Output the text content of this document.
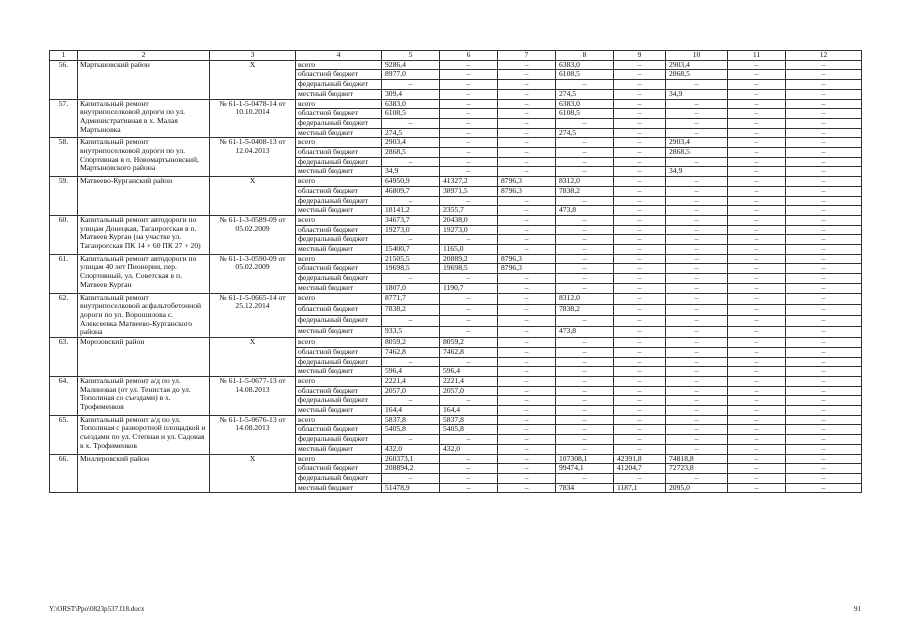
1	2	3	4	5	6	7	8	9	10	11	12
56.	Мартыновский район	X	всего	9286,4	–	–	6383,0	–	2903,4	–	–
			областной бюджет	8977,0	–	–	6108,5	–	2868,5	–	–
			федеральный бюджет	–	–	–	–	–	–	–	–
			местный бюджет	309,4	–	–	274,5	–	34,9	–	–
57.	Капитальный ремонт внутрипоселковой дороги по ул. Административная в х. Малая Мартыновка	№ 61-1-5-0478-14 от 10.10.2014	всего	6383,0	–	–	6383,0	–	–	–	–
			областной бюджет	6108,5	–	–	6108,5	–	–	–	–
			федеральный бюджет	–	–	–	–	–	–	–	–
			местный бюджет	274,5	–	–	274,5	–	–	–	–
58.	Капитальный ремонт внутрипоселковой дороги по ул. Спортивная в п. Новомартыновский, Мартыновского района	№ 61-1-5-0408-13 от 12.04.2013	всего	2903,4	–	–	–	–	2903,4	–	–
			областной бюджет	2868,5	–	–	–	–	2868,5	–	–
			федеральный бюджет	–	–	–	–	–	–	–	–
			местный бюджет	34,9	–	–	–	–	34,9	–	–
59.	Матвеево-Курганский район	X	всего	64950,9	41327,2	8796,3	8312,0	–	–	–	–
			областной бюджет	46809,7	38971,5	8796,3	7838,2	–	–	–	–
			федеральный бюджет	–	–	–	–	–	–	–	–
			местный бюджет	18141,2	2355,7	–	473,8	–	–	–	–
60.	Капитальный ремонт автодороги по улицам Донецкая, Таганрогская в п. Матвеев Курган (на участке ул. Таганрогская ПК 14 + 60 ПК 27 + 20)	№ 61-1-3-0589-09 от 05.02.2009	всего	34673,7	20438,0	–	–	–	–	–	–
			областной бюджет	19273,0	19273,0	–	–	–	–	–	–
			федеральный бюджет	–	–	–	–	–	–	–	–
			местный бюджет	15400,7	1165,0	–	–	–	–	–	–
61.	Капитальный ремонт автодороги по улицам 40 лет Пионерии, пер. Спортивный, ул. Советская в п. Матвеев Курган	№ 61-1-3-0590-09 от 05.02.2009	всего	21505,5	20889,2	8796,3	–	–	–	–	–
			областной бюджет	19698,5	19698,5	8796,3	–	–	–	–	–
			федеральный бюджет	–	–	–	–	–	–	–	–
			местный бюджет	1807,0	1190,7	–	–	–	–	–	–
62.	Капитальный ремонт внутрипоселковой асфальтобетонной дороги по ул. Ворошилова с. Алексеевка Матвеево-Курганского района	№ 61-1-5-0665-14 от 25.12.2014	всего	8771,7	–	–	8312,0	–	–	–	–
			областной бюджет	7838,2	–	–	7838,2	–	–	–	–
			федеральный бюджет	–	–	–	–	–	–	–	–
			местный бюджет	933,5	–	–	473,8	–	–	–	–
63.	Морозовский район	X	всего	8059,2	8059,2	–	–	–	–	–	–
			областной бюджет	7462,8	7462,8	–	–	–	–	–	–
			федеральный бюджет	–	–	–	–	–	–	–	–
			местный бюджет	596,4	596,4	–	–	–	–	–	–
64.	Капитальный ремонт а/д по ул. Малиновая (от ул. Тенистая до ул. Тополиная со съездами) в х. Трофименков	№ 61-1-5-0677-13 от 14.08.2013	всего	2221,4	2221,4	–	–	–	–	–	–
			областной бюджет	2057,0	2057,0	–	–	–	–	–	–
			федеральный бюджет	–	–	–	–	–	–	–	–
			местный бюджет	164,4	164,4	–	–	–	–	–	–
65.	Капитальный ремонт а/д по ул. Тополиная с разворотной площадкой и съездами по ул. Степная и ул. Садовая в х. Трофименков	№ 61-1-5-0676-13 от 14.08.2013	всего	5837,8	5837,8	–	–	–	–	–	–
			областной бюджет	5405,8	5405,8	–	–	–	–	–	–
			федеральный бюджет	–	–	–	–	–	–	–	–
			местный бюджет	432,0	432,0	–	–	–	–	–	–
66.	Миллеровский район	X	всего	260373,1	–	–	107308,1	42391,8	74818,8	–	–
			областной бюджет	208894,2	–	–	99474,1	41204,7	72723,8	–	–
			федеральный бюджет	–	–	–	–	–	–	–	–
			местный бюджет	51478,9	–	–	7834	1187,1	2095,0	–	–
Y:\ORST\Ppo\0823p537.f18.docx	91
